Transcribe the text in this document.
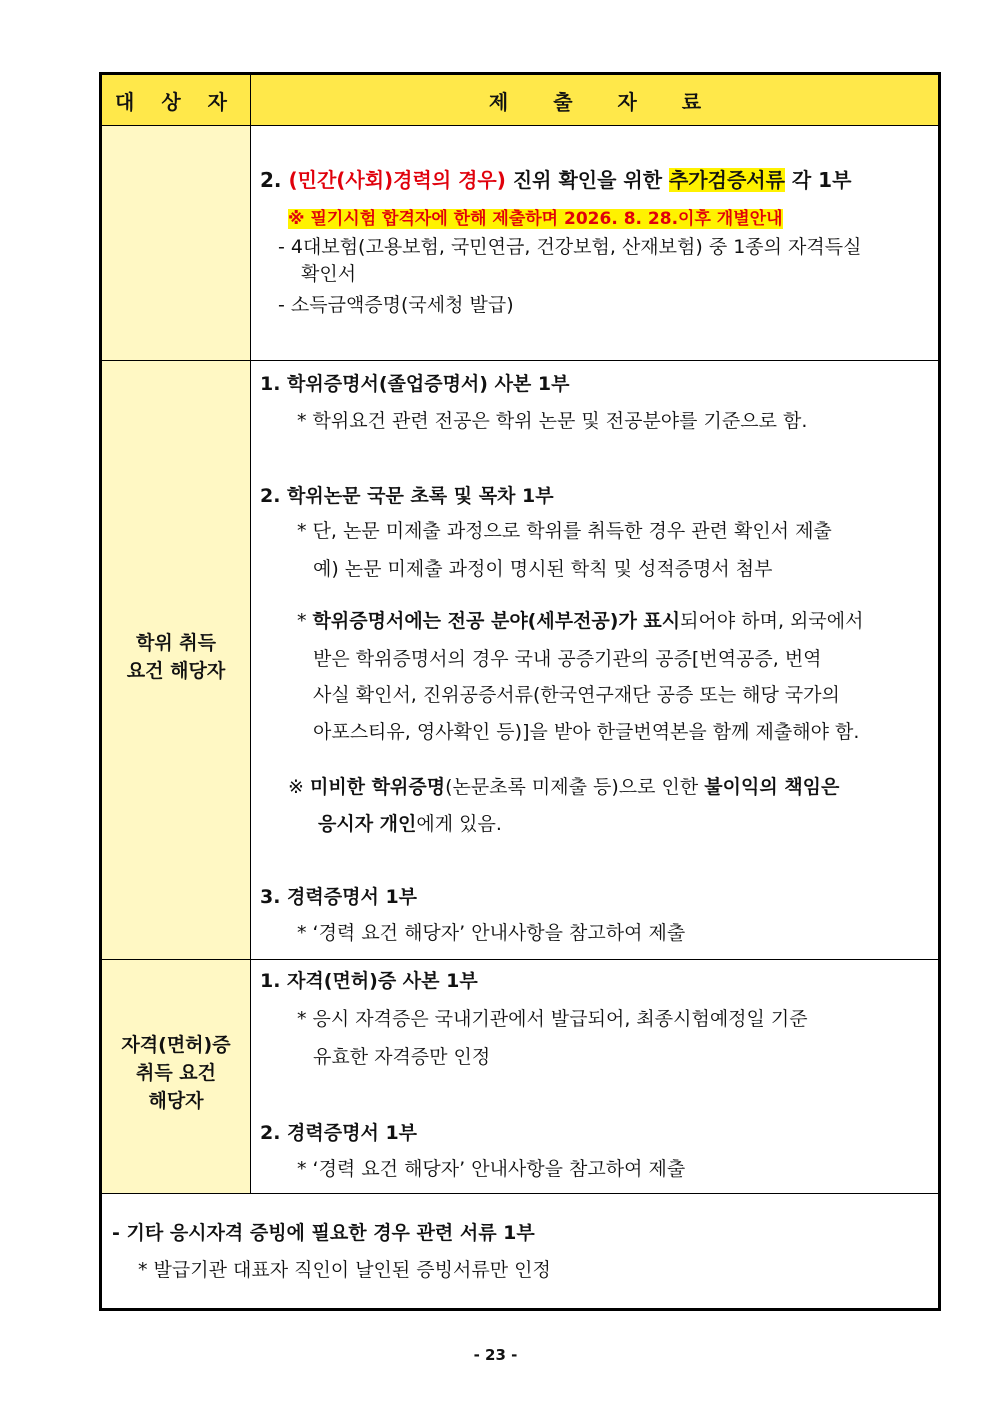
대 상 자	제 출 자 료
2. (민간(사회)경력의 경우) 진위 확인을 위한 추가검증서류 각 1부
※ 필기시험 합격자에 한해 제출하며 2026. 8. 28.이후 개별안내
- 4대보험(고용보험, 국민연금, 건강보험, 산재보험) 중 1종의 자격득실
확인서
- 소득금액증명(국세청 발급)
학위 취득
요건 해당자
1. 학위증명서(졸업증명서) 사본 1부
* 학위요건 관련 전공은 학위 논문 및 전공분야를 기준으로 함.
2. 학위논문 국문 초록 및 목차 1부
* 단, 논문 미제출 과정으로 학위를 취득한 경우 관련 확인서 제출
예) 논문 미제출 과정이 명시된 학칙 및 성적증명서 첨부
* 학위증명서에는 전공 분야(세부전공)가 표시되어야 하며, 외국에서
받은 학위증명서의 경우 국내 공증기관의 공증[번역공증, 번역
사실 확인서, 진위공증서류(한국연구재단 공증 또는 해당 국가의
아포스티유, 영사확인 등)]을 받아 한글번역본을 함께 제출해야 함.
※ 미비한 학위증명(논문초록 미제출 등)으로 인한 불이익의 책임은
응시자 개인에게 있음.
3. 경력증명서 1부
* ‘경력 요건 해당자’ 안내사항을 참고하여 제출
자격(면허)증
취득 요건
해당자
1. 자격(면허)증 사본 1부
* 응시 자격증은 국내기관에서 발급되어, 최종시험예정일 기준
유효한 자격증만 인정
2. 경력증명서 1부
* ‘경력 요건 해당자’ 안내사항을 참고하여 제출
- 기타 응시자격 증빙에 필요한 경우 관련 서류 1부
* 발급기관 대표자 직인이 날인된 증빙서류만 인정
- 23 -
